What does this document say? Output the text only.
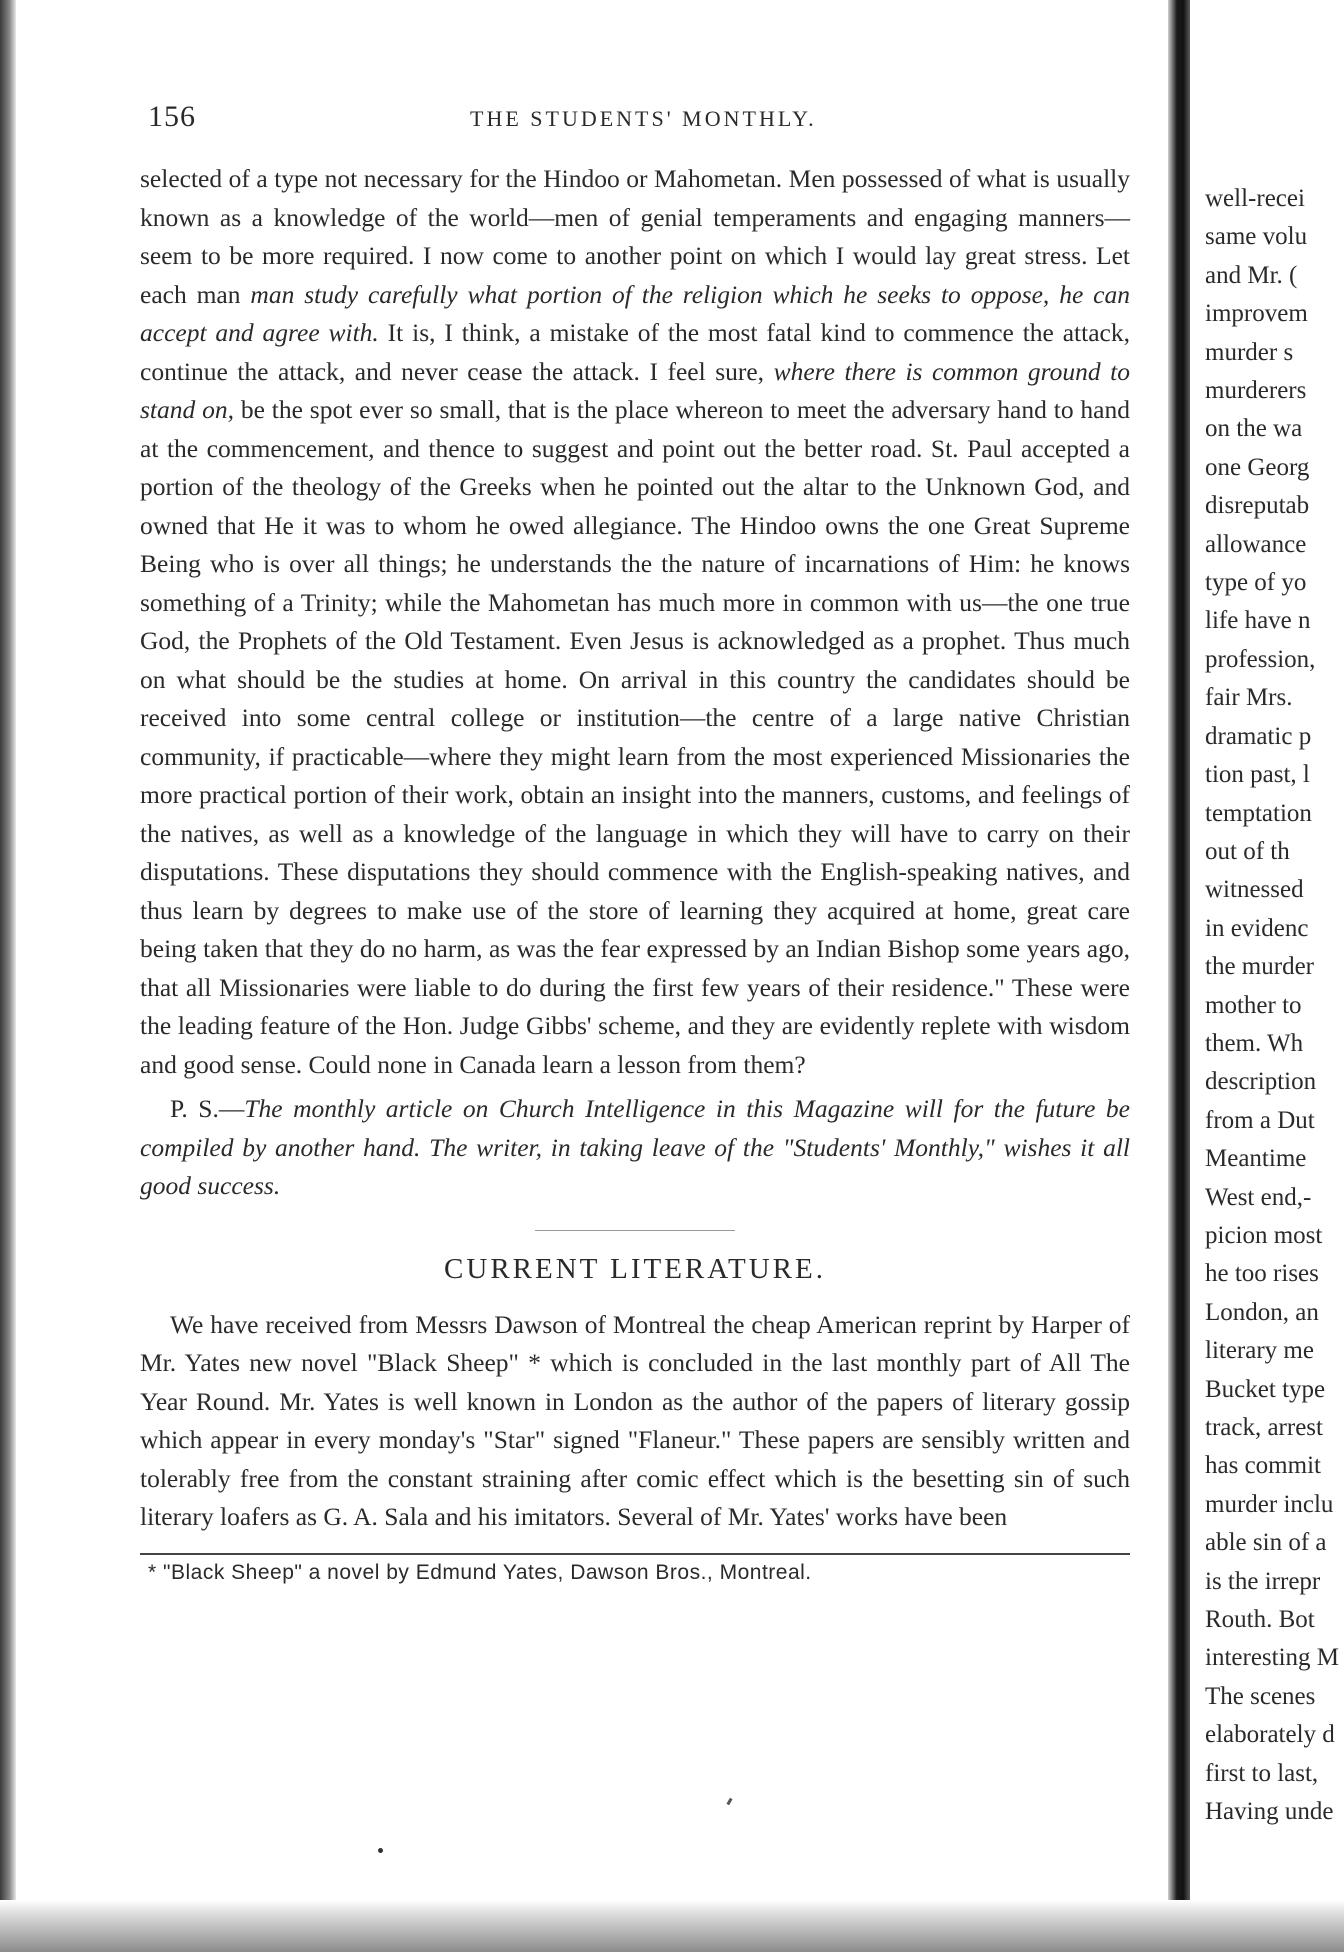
156	THE STUDENTS' MONTHLY.

selected of a type not necessary for the Hindoo or Mahometan. Men possessed of what is usually known as a knowledge of the world—men of genial temperaments and engaging manners—seem to be more required. I now come to another point on which I would lay great stress. Let each man man study carefully what portion of the religion which he seeks to oppose, he can accept and agree with. It is, I think, a mistake of the most fatal kind to commence the attack, continue the attack, and never cease the attack. I feel sure, where there is common ground to stand on, be the spot ever so small, that is the place whereon to meet the adversary hand to hand at the commencement, and thence to suggest and point out the better road. St. Paul accepted a portion of the theology of the Greeks when he pointed out the altar to the Unknown God, and owned that He it was to whom he owed allegiance. The Hindoo owns the one Great Supreme Being who is over all things; he understands the the nature of incarnations of Him: he knows something of a Trinity; while the Mahometan has much more in common with us—the one true God, the Prophets of the Old Testament. Even Jesus is acknowledged as a prophet. Thus much on what should be the studies at home. On arrival in this country the candidates should be received into some central college or institution—the centre of a large native Christian community, if practicable—where they might learn from the most experienced Missionaries the more practical portion of their work, obtain an insight into the manners, customs, and feelings of the natives, as well as a knowledge of the language in which they will have to carry on their disputations. These disputations they should commence with the English-speaking natives, and thus learn by degrees to make use of the store of learning they acquired at home, great care being taken that they do no harm, as was the fear expressed by an Indian Bishop some years ago, that all Missionaries were liable to do during the first few years of their residence." These were the leading feature of the Hon. Judge Gibbs' scheme, and they are evidently replete with wisdom and good sense. Could none in Canada learn a lesson from them?

P. S.—The monthly article on Church Intelligence in this Magazine will for the future be compiled by another hand. The writer, in taking leave of the "Students' Monthly," wishes it all good success.

CURRENT LITERATURE.

We have received from Messrs Dawson of Montreal the cheap American reprint by Harper of Mr. Yates new novel "Black Sheep" * which is concluded in the last monthly part of All The Year Round. Mr. Yates is well known in London as the author of the papers of literary gossip which appear in every monday's "Star" signed "Flaneur." These papers are sensibly written and tolerably free from the constant straining after comic effect which is the besetting sin of such literary loafers as G. A. Sala and his imitators. Several of Mr. Yates' works have been

* "Black Sheep" a novel by Edmund Yates, Dawson Bros., Montreal.
well-recei
same volu
and Mr. (
improvem
murder s
murderers
on the wa
one Georg
disreputab
allowance
type of yo
life have n
profession,
fair Mrs.
dramatic p
tion past, l
temptation
out of th
witnessed
in evidenc
the murder
mother to
them. Wh
description
from a Dut
Meantime
West end,-
picion most
he too rises
London, an
literary me
Bucket type
track, arrest
has commit
murder inclu
able sin of a
is the irrepr
Routh. Bot
interesting M
The scenes
elaborately d
first to last,
Having unde
